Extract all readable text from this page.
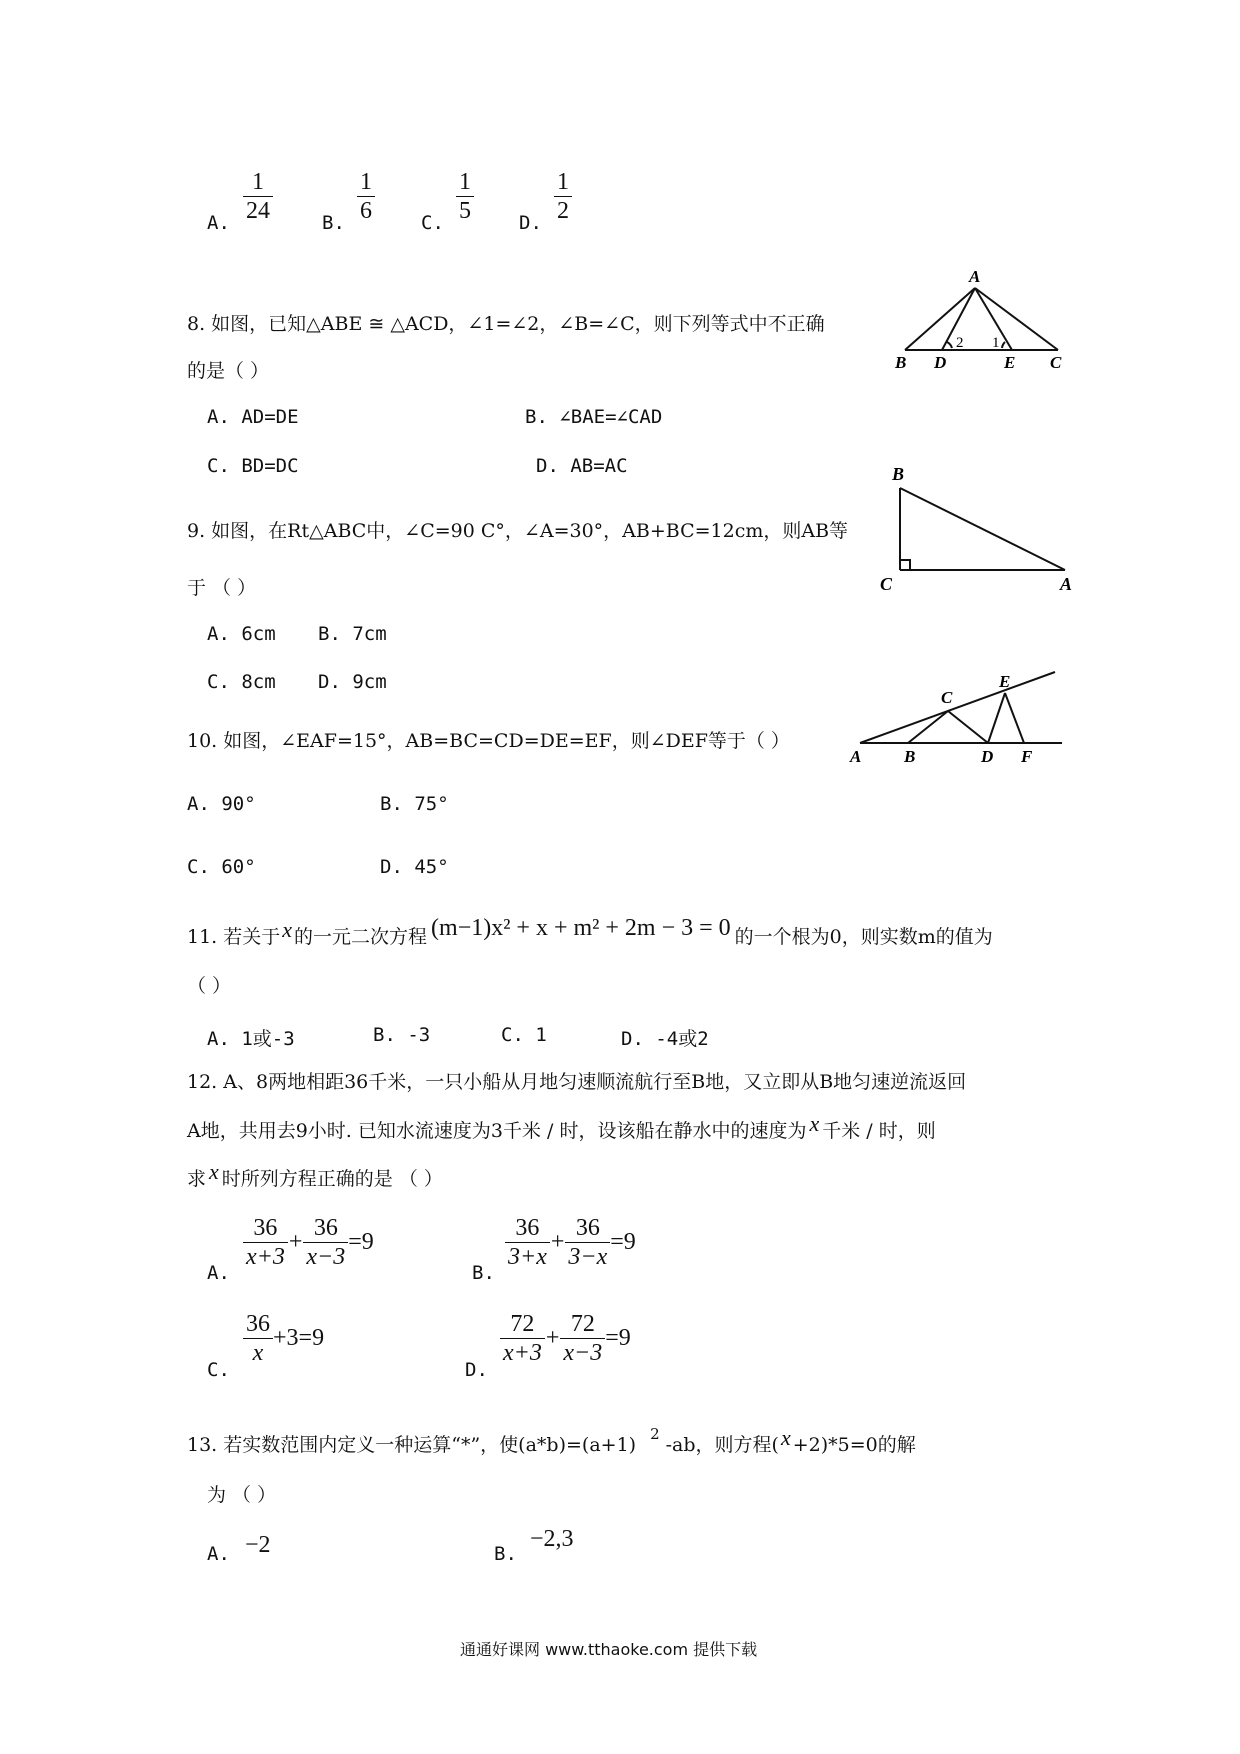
A. $\frac{1}{24}$	B. $\frac{1}{6} C$. $\frac{1}{5} D$. $\frac{1}{2}$
8. 如图，已知△ABE ≅ △ACD，∠1=∠2，∠B=∠C，则下列等式中不正确
的是（ ）
A. AD=DE	B. ∠BAE=∠CAD
C. BD=DC	D. AB=AC
A
B D	E C
2 1
9. 如图，在Rt△ABC中，∠C=90 C°，∠A=30°，AB+BC=12cm，则AB等
于 （ ）
A. 6cm B. 7cm
C. 8cm D. 9cm
B
C	A
10. 如图，∠EAF=15°，AB=BC=CD=DE=EF，则∠DEF等于（ ）
A. 90°	B. 75°
C. 60°	D. 45°
A	B
C
D
E
F
11. 若关于 x 的一元二次方程 (m−1)x² + x + m² + 2m − 3 = 0 的一个根为0，则实数m的值为
（ ）
A. 1或-3	B. -3	C. 1	D. -4或2
12. A、8两地相距36千米，一只小船从月地匀速顺流航行至B地，又立即从B地匀速逆流返回
A地，共用去9小时. 已知水流速度为3千米 / 时，设该船在静水中的速度为 x 千米 / 时，则
求 x 时所列方程正确的是 （ ）
A.
$\frac{36}{x+3} + \frac{36}{x-3} =9$
B.
$\frac{36}{3+x} + \frac{36}{3-x} =9$
C.
$\frac{36}{x} +3=9$
D.
$\frac{72}{x+3} + \frac{72}{x-3} =9$
13. 若实数范围内定义一种运算“*”，使(a*b)=(a+1) 2 -ab，则方程( x +2)*5=0的解
为 （ ）
A. −2	B.
−2,3
通通好课网 www.tthaoke.com 提供下载
